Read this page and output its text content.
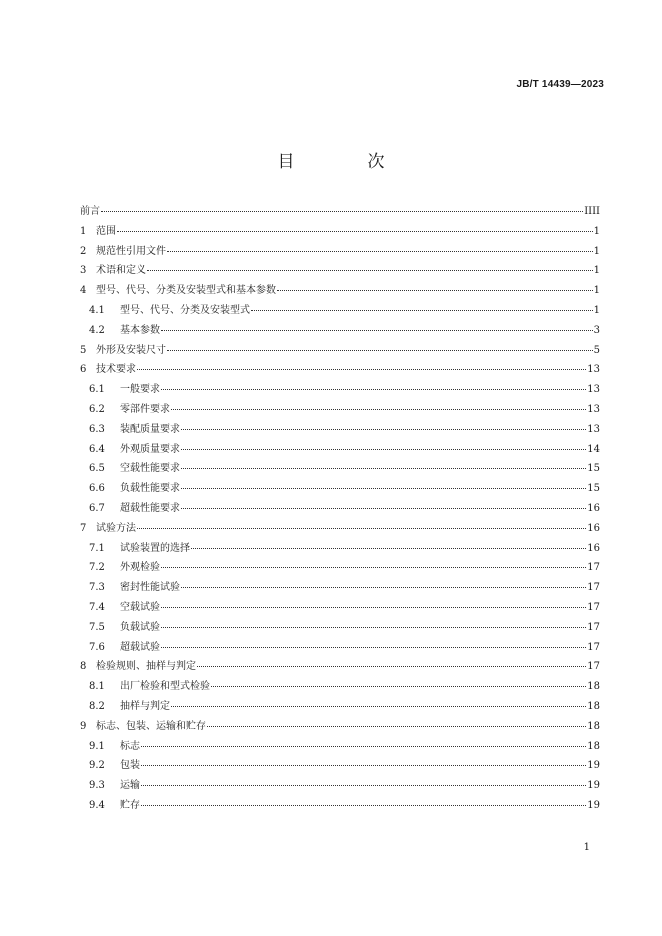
JB/T 14439—2023
目　次
前言	IIII
1 范围	1
2 规范性引用文件	1
3 术语和定义	1
4 型号、代号、分类及安装型式和基本参数	1
4.1	型号、代号、分类及安装型式	1
4.2	基本参数	3
5 外形及安装尺寸	5
6 技术要求	13
6.1	一般要求	13
6.2	零部件要求	13
6.3	装配质量要求	13
6.4	外观质量要求	14
6.5	空载性能要求	15
6.6	负载性能要求	15
6.7	超载性能要求	16
7 试验方法	16
7.1	试验装置的选择	16
7.2	外观检验	17
7.3	密封性能试验	17
7.4	空载试验	17
7.5	负载试验	17
7.6	超载试验	17
8 检验规则、抽样与判定	17
8.1	出厂检验和型式检验	18
8.2	抽样与判定	18
9 标志、包装、运输和贮存	18
9.1	标志	18
9.2	包装	19
9.3	运输	19
9.4	贮存	19
1
